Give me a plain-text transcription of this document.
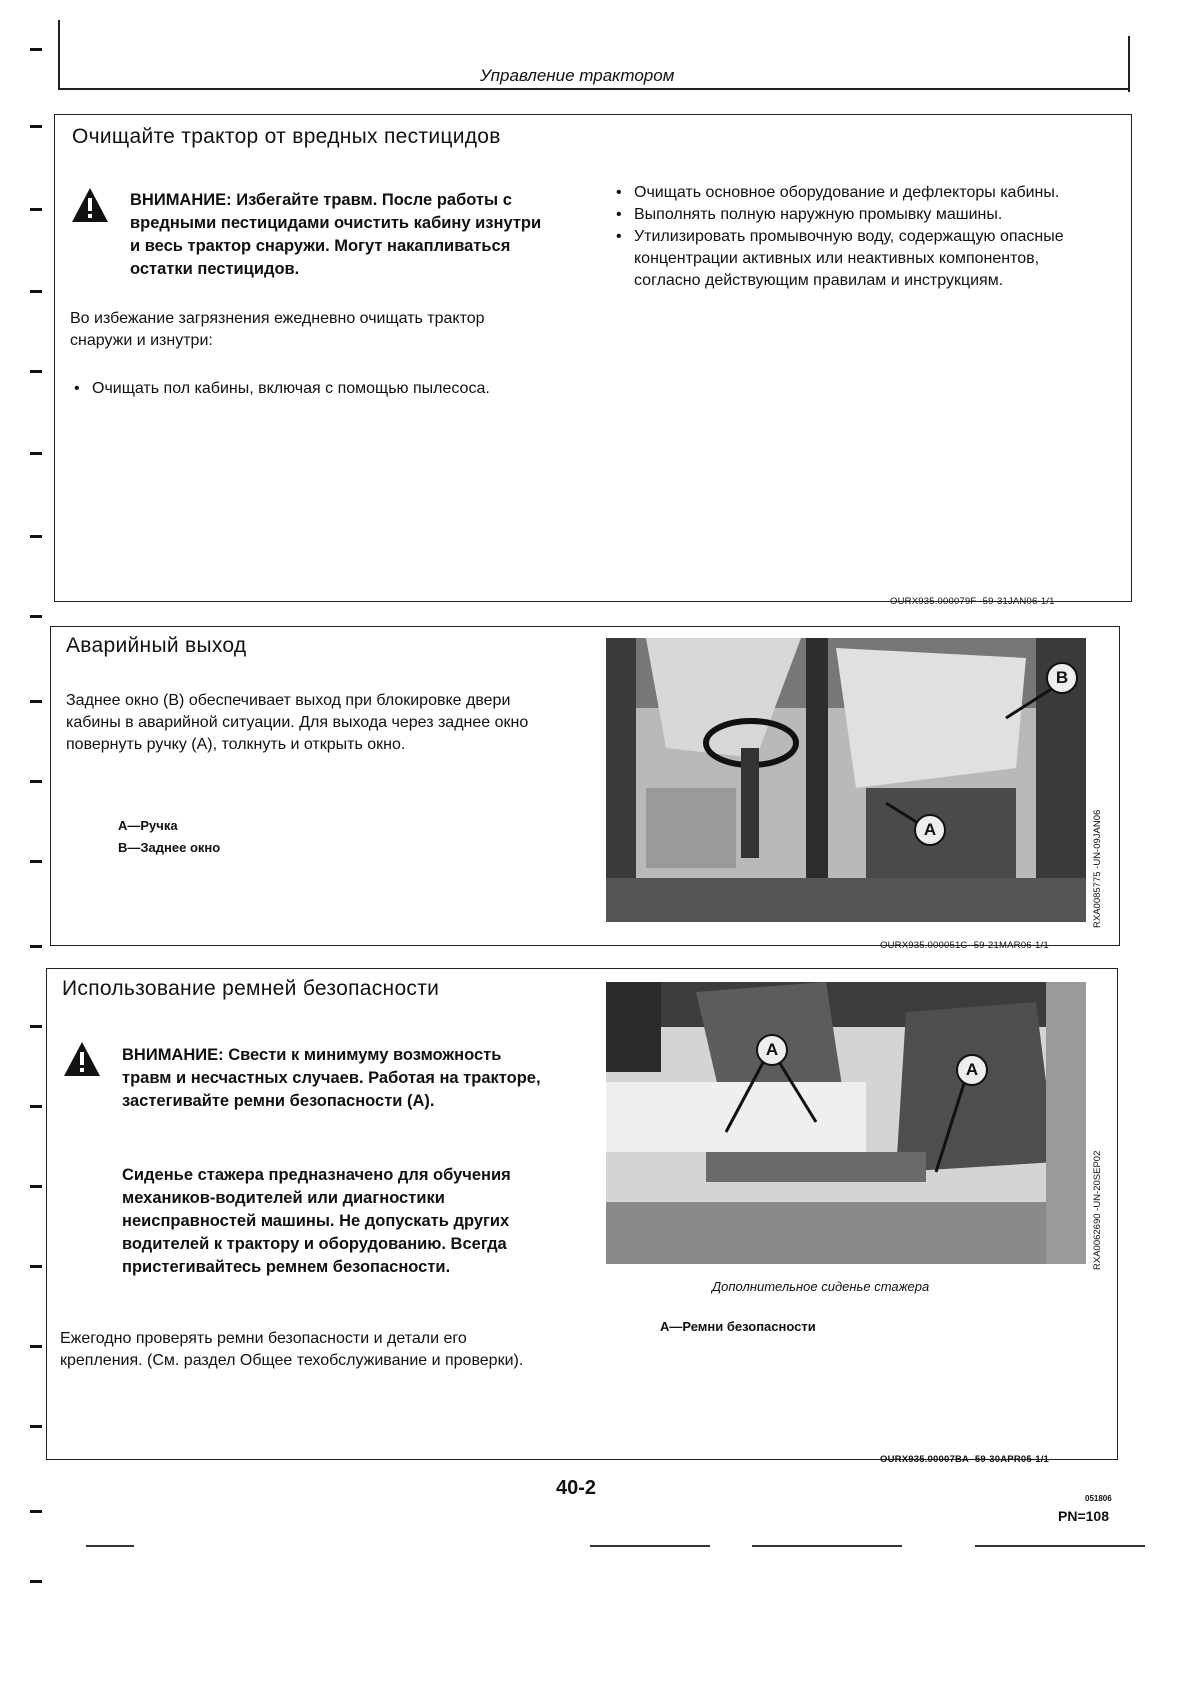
Управление трактором
Очищайте трактор от вредных пестицидов
ВНИМАНИЕ: Избегайте травм. После работы с вредными пестицидами очистить кабину изнутри и весь трактор снаружи. Могут накапливаться остатки пестицидов.
Во избежание загрязнения ежедневно очищать трактор снаружи и изнутри:
• Очищать пол кабины, включая с помощью пылесоса.
• Очищать основное оборудование и дефлекторы кабины.
• Выполнять полную наружную промывку машины.
• Утилизировать промывочную воду, содержащую опасные концентрации активных или неактивных компонентов, согласно действующим правилам и инструкциям.
OURX935.000079F -59-31JAN06-1/1
Аварийный выход
Заднее окно (B) обеспечивает выход при блокировке двери кабины в аварийной ситуации. Для выхода через заднее окно повернуть ручку (А), толкнуть и открыть окно.
A—Ручка
B—Заднее окно
B
A	RXA0085775 -UN-09JAN06
OURX935.000051C -59-21MAR06-1/1
Использование ремней безопасности
ВНИМАНИЕ: Свести к минимуму возможность травм и несчастных случаев. Работая на тракторе, застегивайте ремни безопасности (А).
Сиденье стажера предназначено для обучения механиков-водителей или диагностики неисправностей машины. Не допускать других водителей к трактору и оборудованию. Всегда пристегивайтесь ремнем безопасности.
Ежегодно проверять ремни безопасности и детали его крепления. (См. раздел Общее техобслуживание и проверки).
A
A
RXA0062690 -UN-20SEP02
Дополнительное сиденье стажера
A—Ремни безопасности
OURX935.00007BA -59-30APR05-1/1
40-2	051806
PN=108
